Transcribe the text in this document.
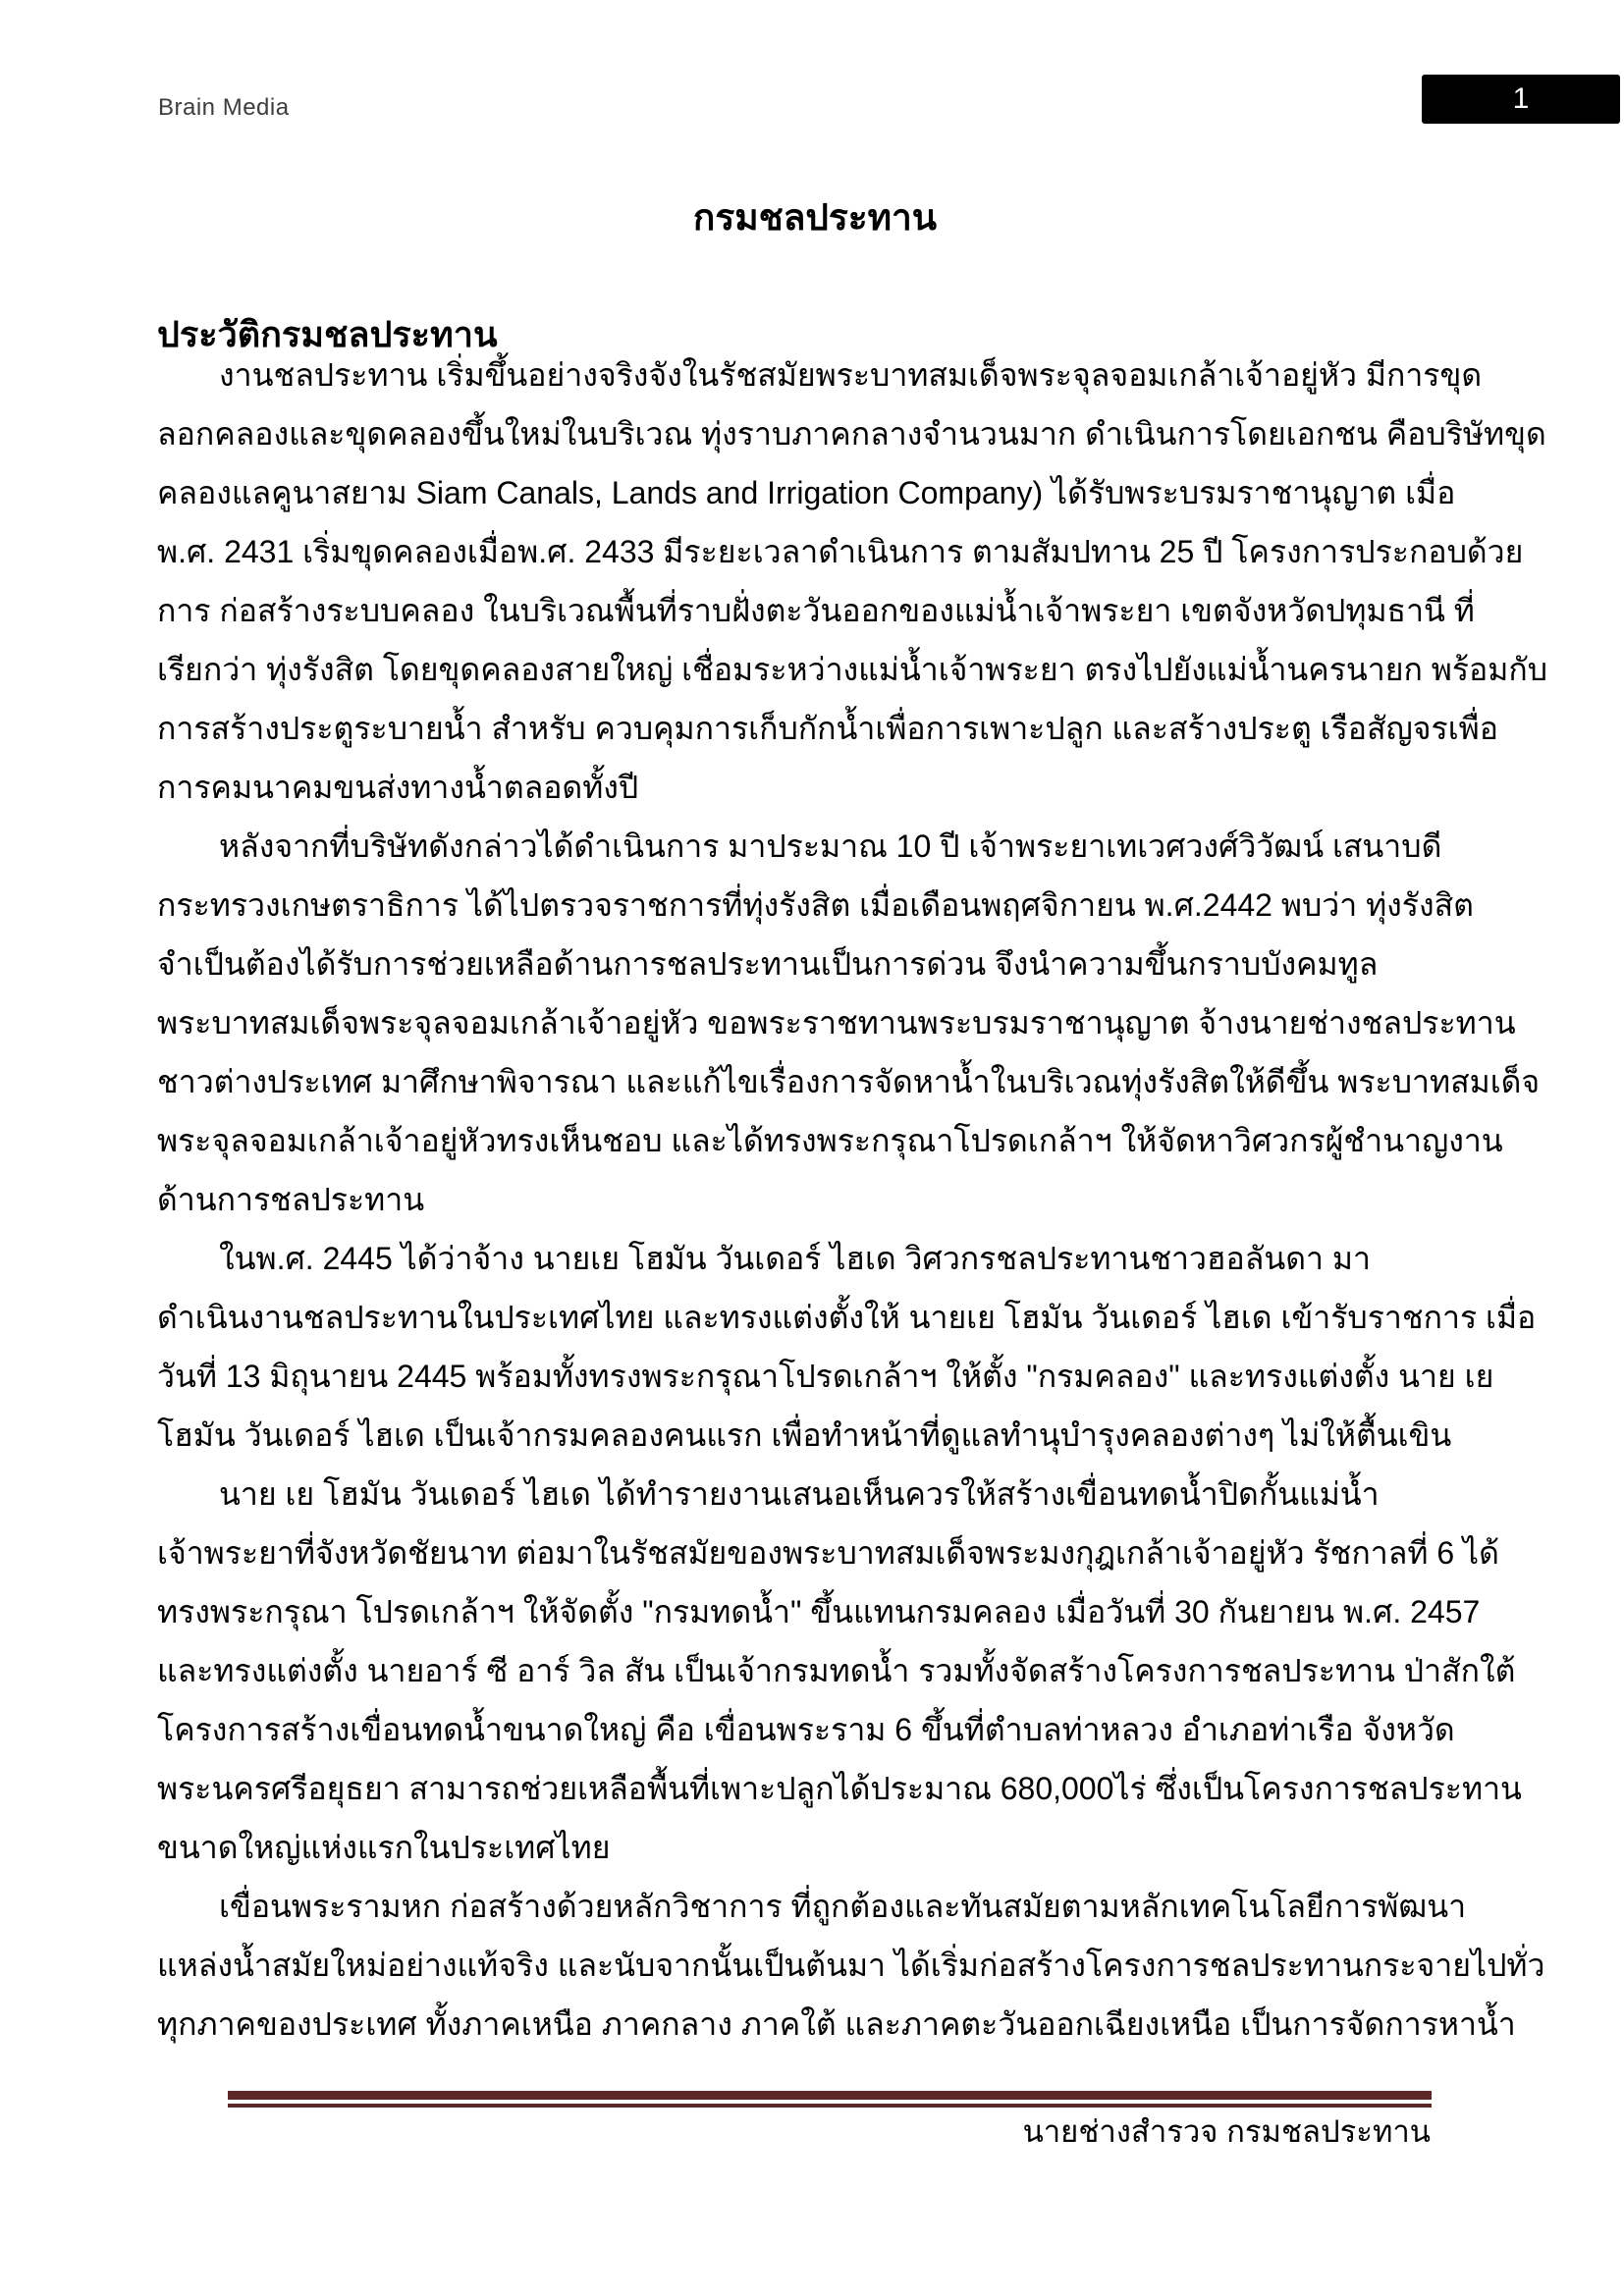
Brain Media	1
กรมชลประทาน
ประวัติกรมชลประทาน
งานชลประทาน เริ่มขึ้นอย่างจริงจังในรัชสมัยพระบาทสมเด็จพระจุลจอมเกล้าเจ้าอยู่หัว มีการขุด
ลอกคลองและขุดคลองขึ้นใหม่ในบริเวณ ทุ่งราบภาคกลางจำนวนมาก ดำเนินการโดยเอกชน คือบริษัทขุด
คลองแลคูนาสยาม Siam Canals, Lands and Irrigation Company) ได้รับพระบรมราชานุญาต เมื่อ
พ.ศ. 2431 เริ่มขุดคลองเมื่อพ.ศ. 2433 มีระยะเวลาดำเนินการ ตามสัมปทาน 25 ปี โครงการประกอบด้วย
การ ก่อสร้างระบบคลอง ในบริเวณพื้นที่ราบฝั่งตะวันออกของแม่น้ำเจ้าพระยา เขตจังหวัดปทุมธานี ที่
เรียกว่า ทุ่งรังสิต โดยขุดคลองสายใหญ่ เชื่อมระหว่างแม่น้ำเจ้าพระยา ตรงไปยังแม่น้ำนครนายก พร้อมกับ
การสร้างประตูระบายน้ำ สำหรับ ควบคุมการเก็บกักน้ำเพื่อการเพาะปลูก และสร้างประตู เรือสัญจรเพื่อ
การคมนาคมขนส่งทางน้ำตลอดทั้งปี
หลังจากที่บริษัทดังกล่าวได้ดำเนินการ มาประมาณ 10 ปี เจ้าพระยาเทเวศวงศ์วิวัฒน์ เสนาบดี
กระทรวงเกษตราธิการ ได้ไปตรวจราชการที่ทุ่งรังสิต เมื่อเดือนพฤศจิกายน พ.ศ.2442 พบว่า ทุ่งรังสิต
จำเป็นต้องได้รับการช่วยเหลือด้านการชลประทานเป็นการด่วน จึงนำความขึ้นกราบบังคมทูล
พระบาทสมเด็จพระจุลจอมเกล้าเจ้าอยู่หัว ขอพระราชทานพระบรมราชานุญาต จ้างนายช่างชลประทาน
ชาวต่างประเทศ มาศึกษาพิจารณา และแก้ไขเรื่องการจัดหาน้ำในบริเวณทุ่งรังสิตให้ดีขึ้น พระบาทสมเด็จ
พระจุลจอมเกล้าเจ้าอยู่หัวทรงเห็นชอบ และได้ทรงพระกรุณาโปรดเกล้าฯ ให้จัดหาวิศวกรผู้ชำนาญงาน
ด้านการชลประทาน
ในพ.ศ. 2445 ได้ว่าจ้าง นายเย โฮมัน วันเดอร์ ไฮเด วิศวกรชลประทานชาวฮอลันดา มา
ดำเนินงานชลประทานในประเทศไทย และทรงแต่งตั้งให้ นายเย โฮมัน วันเดอร์ ไฮเด เข้ารับราชการ เมื่อ
วันที่ 13 มิถุนายน 2445 พร้อมทั้งทรงพระกรุณาโปรดเกล้าฯ ให้ตั้ง "กรมคลอง" และทรงแต่งตั้ง นาย เย
โฮมัน วันเดอร์ ไฮเด เป็นเจ้ากรมคลองคนแรก เพื่อทำหน้าที่ดูแลทำนุบำรุงคลองต่างๆ ไม่ให้ตื้นเขิน
นาย เย โฮมัน วันเดอร์ ไฮเด ได้ทำรายงานเสนอเห็นควรให้สร้างเขื่อนทดน้ำปิดกั้นแม่น้ำ
เจ้าพระยาที่จังหวัดชัยนาท ต่อมาในรัชสมัยของพระบาทสมเด็จพระมงกุฎเกล้าเจ้าอยู่หัว รัชกาลที่ 6 ได้
ทรงพระกรุณา โปรดเกล้าฯ ให้จัดตั้ง "กรมทดน้ำ" ขึ้นแทนกรมคลอง เมื่อวันที่ 30 กันยายน พ.ศ. 2457
และทรงแต่งตั้ง นายอาร์ ซี อาร์ วิล สัน เป็นเจ้ากรมทดน้ำ รวมทั้งจัดสร้างโครงการชลประทาน ป่าสักใต้
โครงการสร้างเขื่อนทดน้ำขนาดใหญ่ คือ เขื่อนพระราม 6 ขึ้นที่ตำบลท่าหลวง อำเภอท่าเรือ จังหวัด
พระนครศรีอยุธยา สามารถช่วยเหลือพื้นที่เพาะปลูกได้ประมาณ 680,000ไร่ ซึ่งเป็นโครงการชลประทาน
ขนาดใหญ่แห่งแรกในประเทศไทย
เขื่อนพระรามหก ก่อสร้างด้วยหลักวิชาการ ที่ถูกต้องและทันสมัยตามหลักเทคโนโลยีการพัฒนา
แหล่งน้ำสมัยใหม่อย่างแท้จริง และนับจากนั้นเป็นต้นมา ได้เริ่มก่อสร้างโครงการชลประทานกระจายไปทั่ว
ทุกภาคของประเทศ ทั้งภาคเหนือ ภาคกลาง ภาคใต้ และภาคตะวันออกเฉียงเหนือ เป็นการจัดการหาน้ำ
นายช่างสำรวจ กรมชลประทาน
